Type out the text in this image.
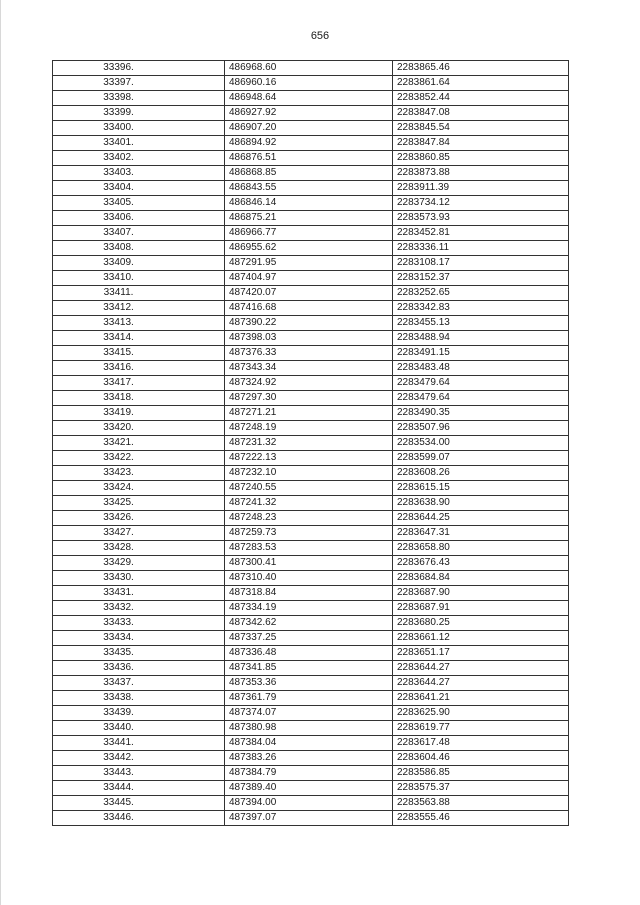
656
33396.	486968.60	2283865.46
33397.	486960.16	2283861.64
33398.	486948.64	2283852.44
33399.	486927.92	2283847.08
33400.	486907.20	2283845.54
33401.	486894.92	2283847.84
33402.	486876.51	2283860.85
33403.	486868.85	2283873.88
33404.	486843.55	2283911.39
33405.	486846.14	2283734.12
33406.	486875.21	2283573.93
33407.	486966.77	2283452.81
33408.	486955.62	2283336.11
33409.	487291.95	2283108.17
33410.	487404.97	2283152.37
33411.	487420.07	2283252.65
33412.	487416.68	2283342.83
33413.	487390.22	2283455.13
33414.	487398.03	2283488.94
33415.	487376.33	2283491.15
33416.	487343.34	2283483.48
33417.	487324.92	2283479.64
33418.	487297.30	2283479.64
33419.	487271.21	2283490.35
33420.	487248.19	2283507.96
33421.	487231.32	2283534.00
33422.	487222.13	2283599.07
33423.	487232.10	2283608.26
33424.	487240.55	2283615.15
33425.	487241.32	2283638.90
33426.	487248.23	2283644.25
33427.	487259.73	2283647.31
33428.	487283.53	2283658.80
33429.	487300.41	2283676.43
33430.	487310.40	2283684.84
33431.	487318.84	2283687.90
33432.	487334.19	2283687.91
33433.	487342.62	2283680.25
33434.	487337.25	2283661.12
33435.	487336.48	2283651.17
33436.	487341.85	2283644.27
33437.	487353.36	2283644.27
33438.	487361.79	2283641.21
33439.	487374.07	2283625.90
33440.	487380.98	2283619.77
33441.	487384.04	2283617.48
33442.	487383.26	2283604.46
33443.	487384.79	2283586.85
33444.	487389.40	2283575.37
33445.	487394.00	2283563.88
33446.	487397.07	2283555.46
